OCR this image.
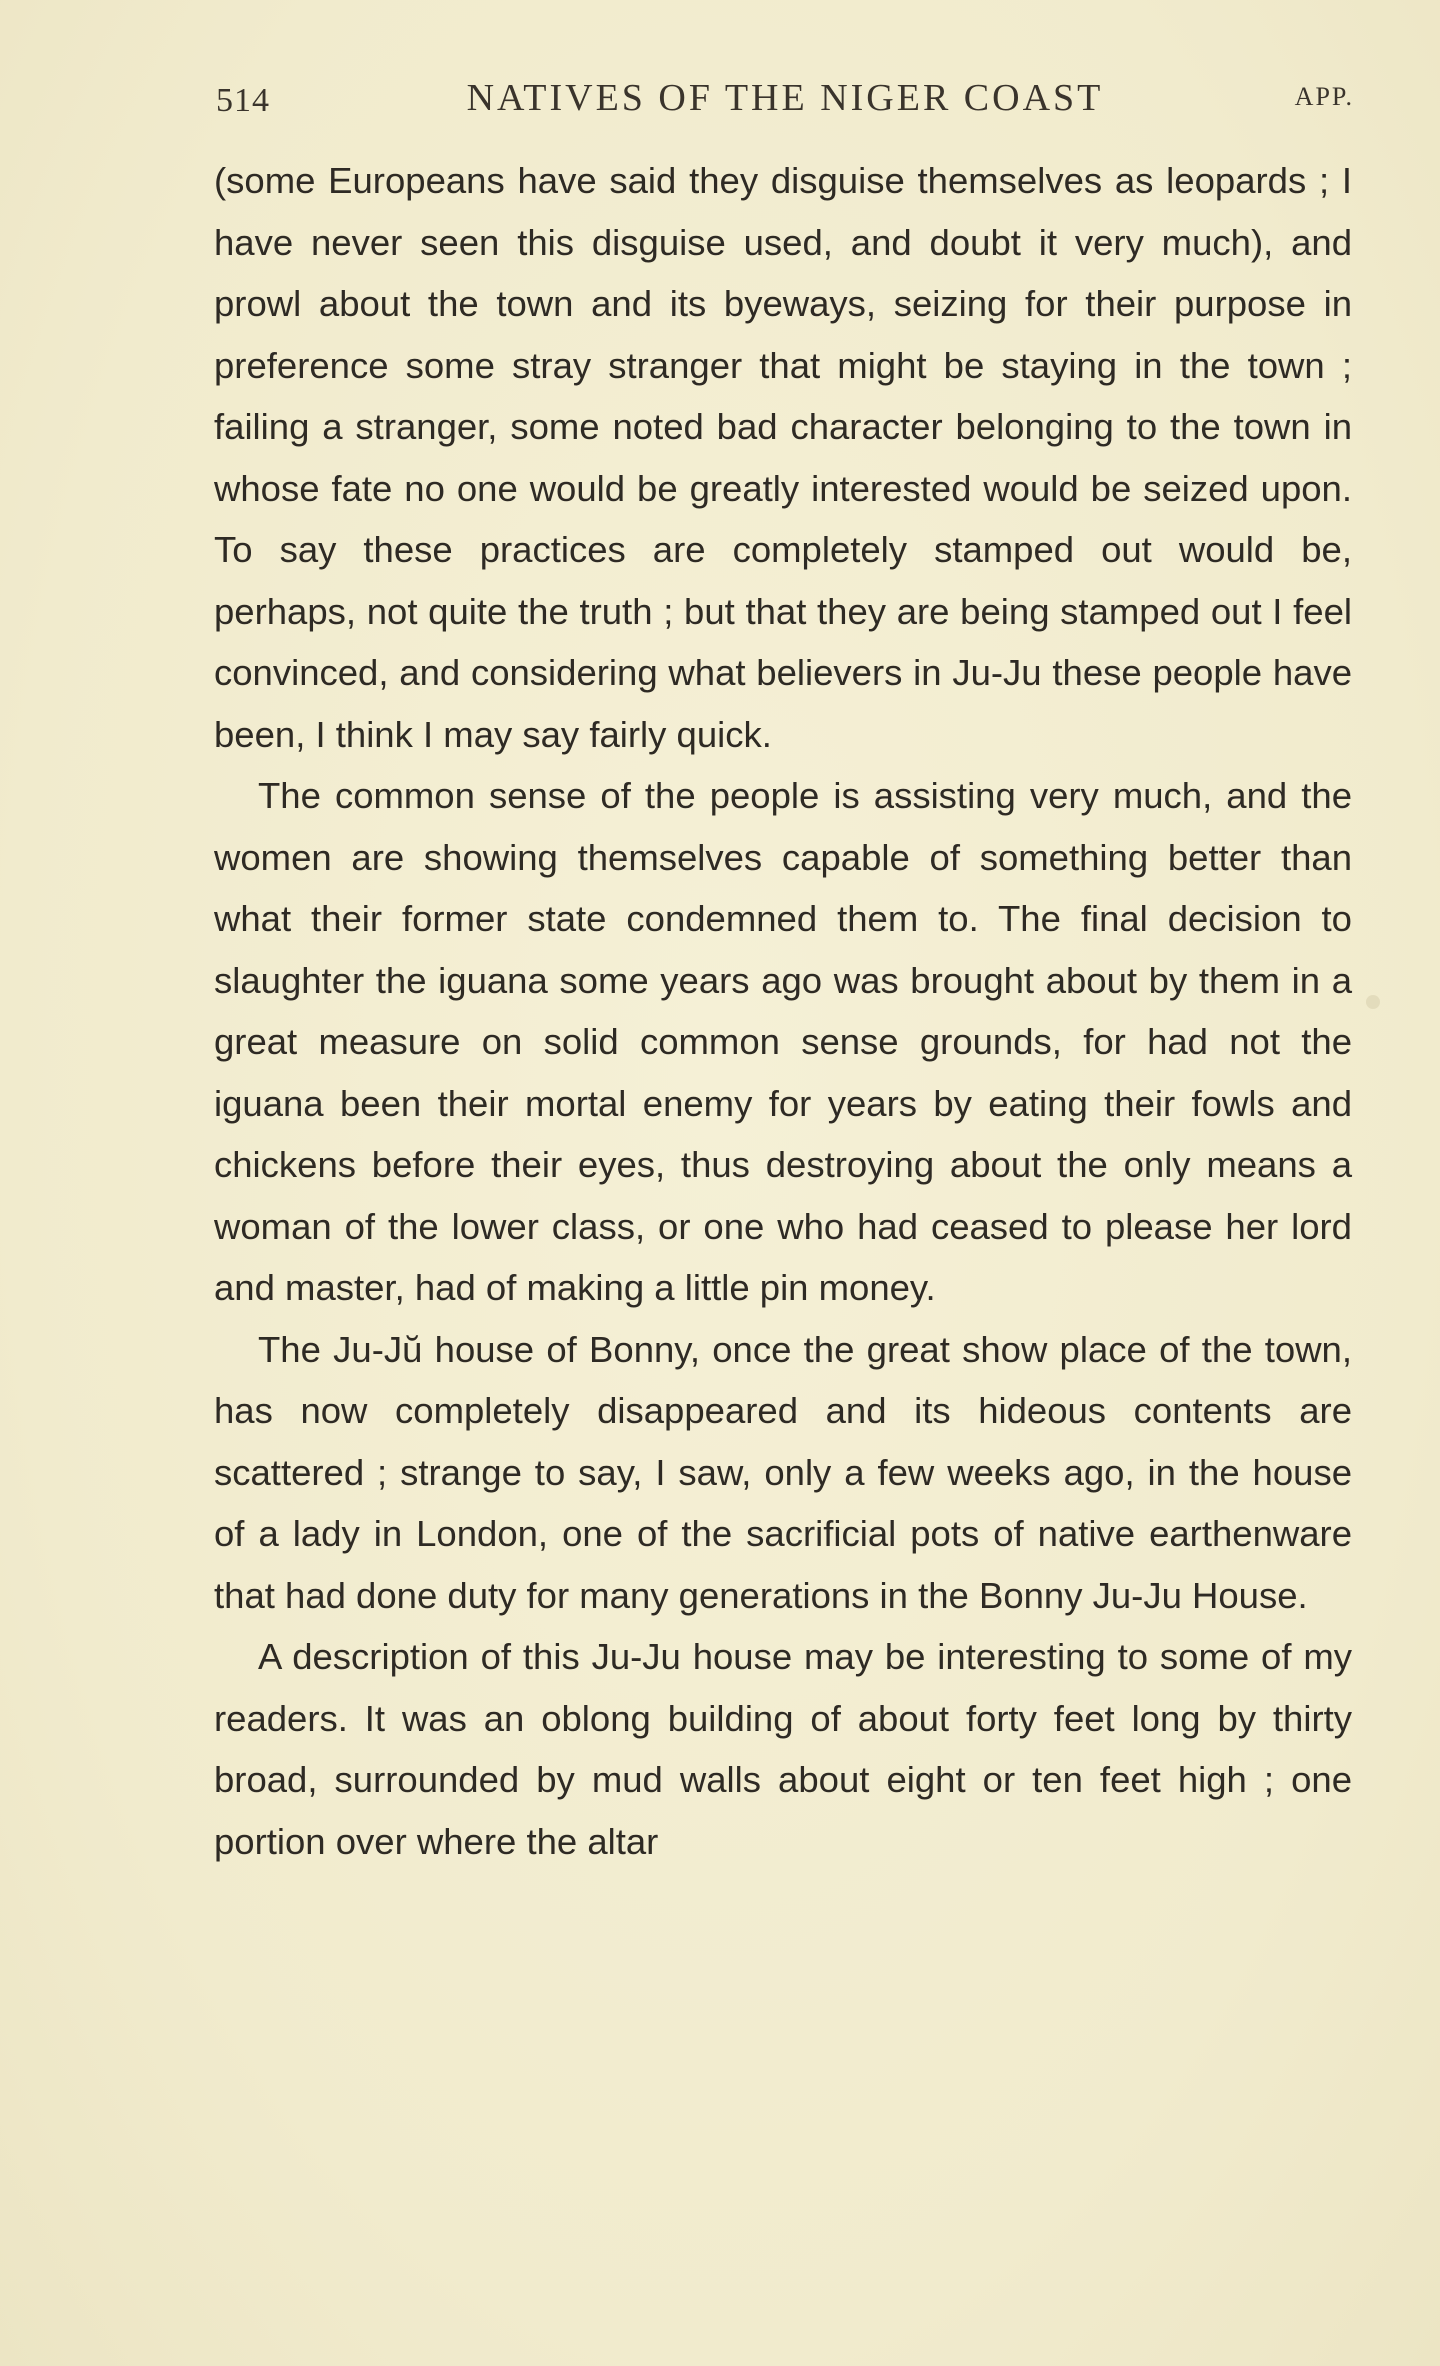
514	NATIVES OF THE NIGER COAST	APP.

(some Europeans have said they disguise themselves as leopards ; I have never seen this disguise used, and doubt it very much), and prowl about the town and its byeways, seizing for their purpose in preference some stray stranger that might be staying in the town ; failing a stranger, some noted bad character belonging to the town in whose fate no one would be greatly interested would be seized upon. To say these practices are completely stamped out would be, perhaps, not quite the truth ; but that they are being stamped out I feel convinced, and considering what believers in Ju-Ju these people have been, I think I may say fairly quick.

The common sense of the people is assisting very much, and the women are showing themselves capable of something better than what their former state condemned them to. The final decision to slaughter the iguana some years ago was brought about by them in a great measure on solid common sense grounds, for had not the iguana been their mortal enemy for years by eating their fowls and chickens before their eyes, thus destroying about the only means a woman of the lower class, or one who had ceased to please her lord and master, had of making a little pin money.

The Ju-Jŭ house of Bonny, once the great show place of the town, has now completely disappeared and its hideous contents are scattered ; strange to say, I saw, only a few weeks ago, in the house of a lady in London, one of the sacrificial pots of native earthenware that had done duty for many generations in the Bonny Ju-Ju House.

A description of this Ju-Ju house may be interesting to some of my readers. It was an oblong building of about forty feet long by thirty broad, surrounded by mud walls about eight or ten feet high ; one portion over where the altar
